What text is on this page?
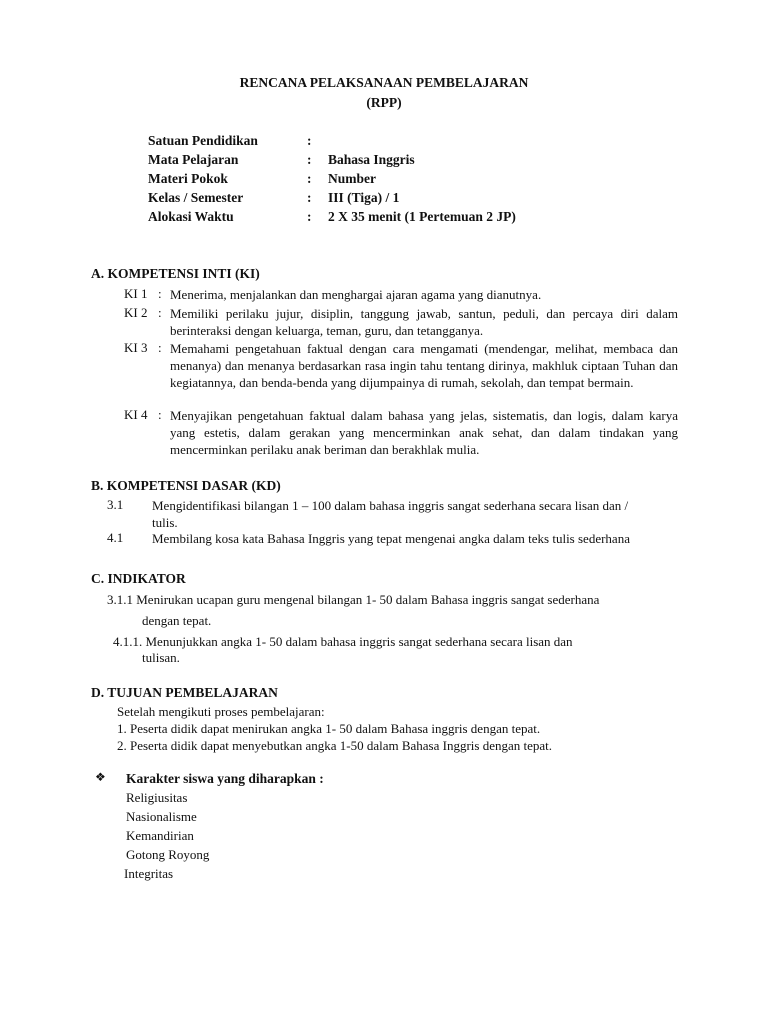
RENCANA PELAKSANAAN PEMBELAJARAN
(RPP)
Satuan Pendidikan	:
Mata Pelajaran	: Bahasa Inggris
Materi Pokok	: Number
Kelas / Semester	: III (Tiga) / 1
Alokasi Waktu	: 2 X 35 menit (1 Pertemuan 2 JP)
A. KOMPETENSI INTI (KI)
KI 1 : Menerima, menjalankan dan menghargai ajaran agama yang dianutnya.
KI 2 : Memiliki perilaku jujur, disiplin, tanggung jawab, santun, peduli, dan percaya diri dalam berinteraksi dengan keluarga, teman, guru, dan tetangganya.
KI 3 : Memahami pengetahuan faktual dengan cara mengamati (mendengar, melihat, membaca dan menanya) dan menanya berdasarkan rasa ingin tahu tentang dirinya, makhluk ciptaan Tuhan dan kegiatannya, dan benda-benda yang dijumpainya di rumah, sekolah, dan tempat bermain.
KI 4 : Menyajikan pengetahuan faktual dalam bahasa yang jelas, sistematis, dan logis, dalam karya yang estetis, dalam gerakan yang mencerminkan anak sehat, dan dalam tindakan yang mencerminkan perilaku anak beriman dan berakhlak mulia.
B. KOMPETENSI DASAR (KD)
3.1 Mengidentifikasi bilangan 1 – 100 dalam bahasa inggris sangat sederhana secara lisan dan / tulis.
4.1 Membilang kosa kata Bahasa Inggris yang tepat mengenai angka dalam teks tulis sederhana
C. INDIKATOR
3.1.1 Menirukan ucapan guru mengenal bilangan 1- 50 dalam Bahasa inggris sangat sederhana
dengan tepat.
4.1.1. Menunjukkan angka 1- 50 dalam bahasa inggris sangat sederhana secara lisan dan
tulisan.
D. TUJUAN PEMBELAJARAN
Setelah mengikuti proses pembelajaran:
1. Peserta didik dapat menirukan angka 1- 50 dalam Bahasa inggris dengan tepat.
2. Peserta didik dapat menyebutkan angka 1-50 dalam Bahasa Inggris dengan tepat.
❖ Karakter siswa yang diharapkan :
Religiusitas
Nasionalisme
Kemandirian
Gotong Royong
Integritas
